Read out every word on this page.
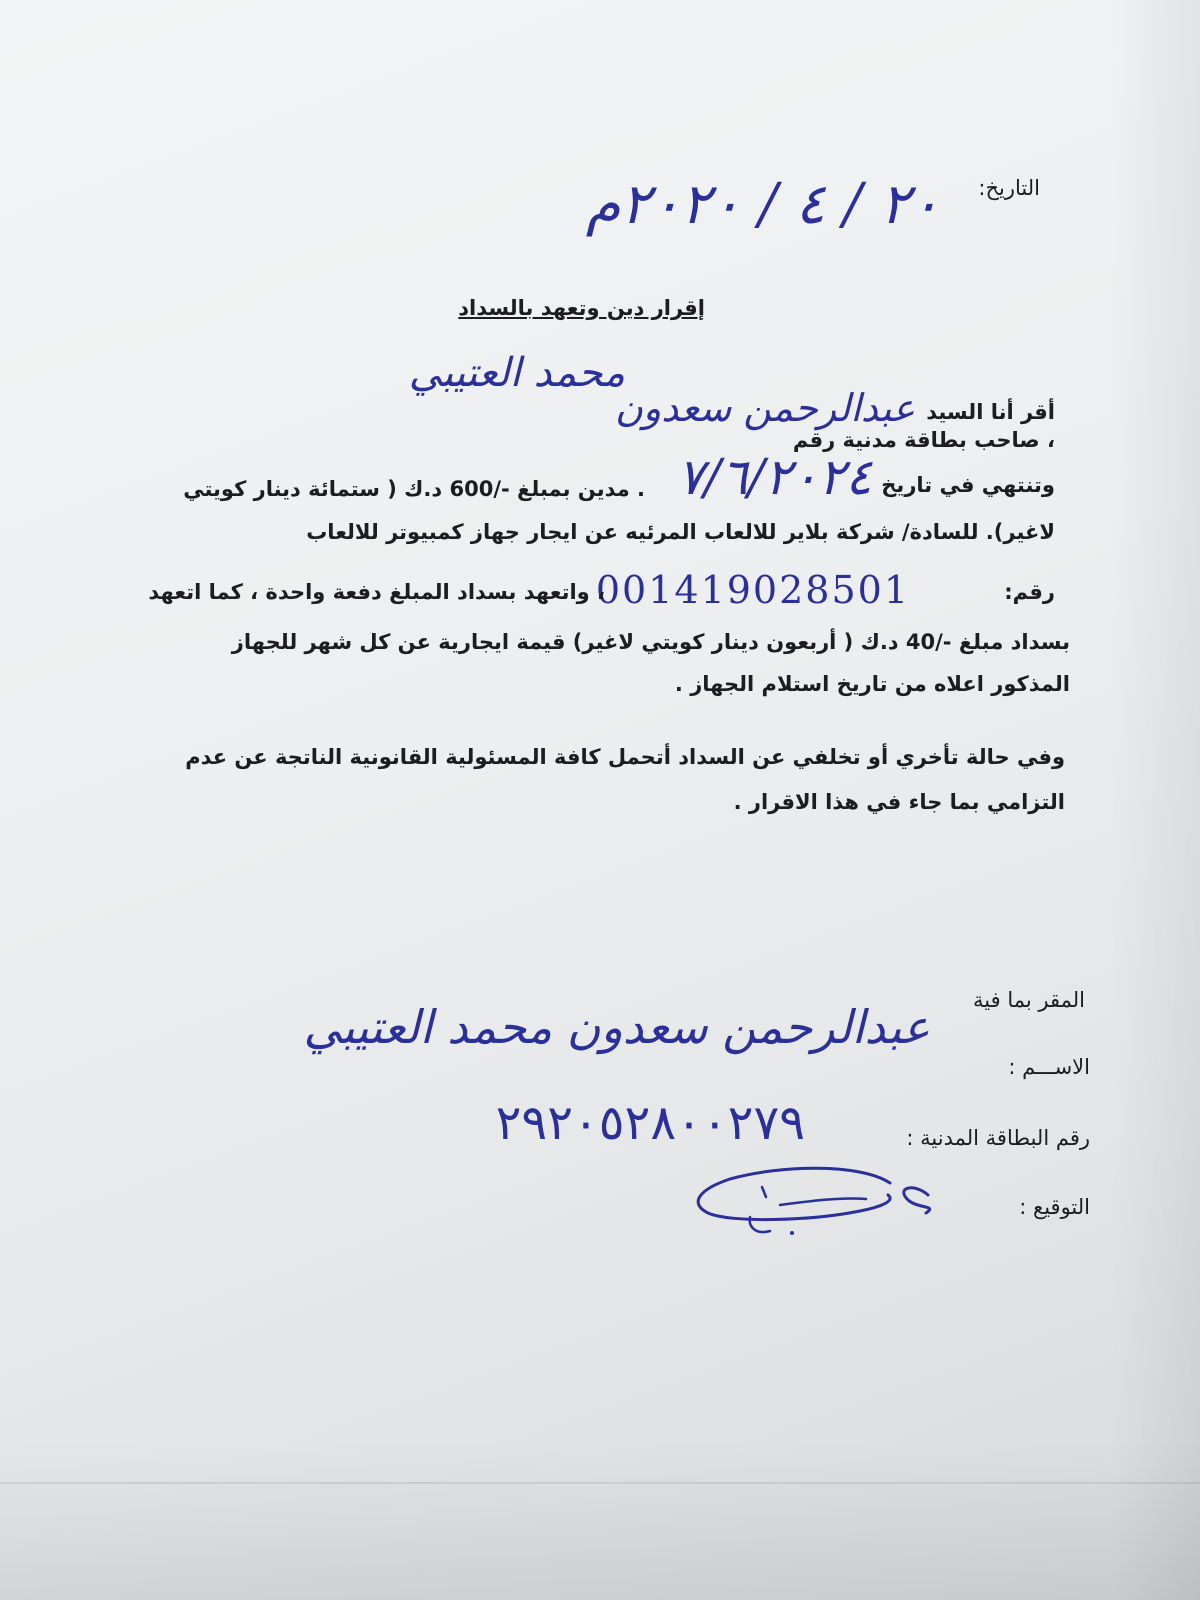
التاريخ:
٢٠ / ٤ / ٢٠٢٠م
إقرار دين وتعهد بالسداد
محمد العتيبي
أقر أنا السيد
عبدالرحمن سعدون
، صاحب بطاقة مدنية رقم
وتنتهي في تاريخ
٧/٦/٢٠٢٤
. مدين بمبلغ -/600 د.ك ( ستمائة دينار كويتي
لاغير). للسادة/ شركة بلاير للالعاب المرئيه عن ايجار جهاز كمبيوتر للالعاب
رقم:
001419028501
، واتعهد بسداد المبلغ دفعة واحدة ، كما اتعهد
بسداد مبلغ -/40 د.ك ( أربعون دينار كويتي لاغير) قيمة ايجارية عن كل شهر للجهاز
المذكور اعلاه من تاريخ استلام الجهاز .
وفي حالة تأخري أو تخلفي عن السداد أتحمل كافة المسئولية القانونية الناتجة عن عدم
التزامي بما جاء في هذا الاقرار .
المقر بما فية
الاســـم :
عبدالرحمن سعدون محمد العتيبي
رقم البطاقة المدنية :
٢٩٢٠٥٢٨٠٠٢٧٩
التوقيع :
